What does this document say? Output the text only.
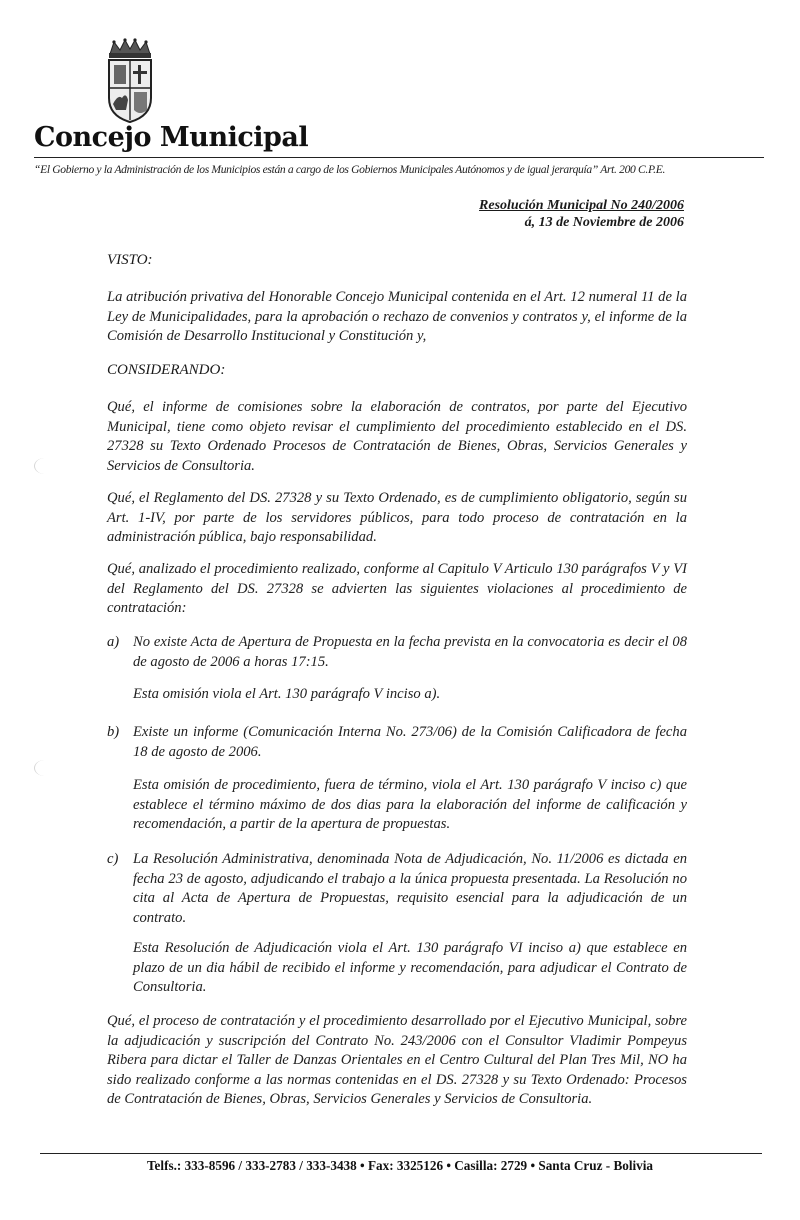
Concejo Municipal
“El Gobierno y la Administración de los Municipios están a cargo de los Gobiernos Municipales Autónomos y de igual jerarquía” Art. 200 C.P.E.
Resolución Municipal No 240/2006
á, 13 de Noviembre de 2006
VISTO:
La atribución privativa del Honorable Concejo Municipal contenida en el Art. 12 numeral 11 de la Ley de Municipalidades, para la aprobación o rechazo de convenios y contratos y, el informe de la Comisión de Desarrollo Institucional y Constitución y,
CONSIDERANDO:
Qué, el informe de comisiones sobre la elaboración de contratos, por parte del Ejecutivo Municipal, tiene como objeto revisar el cumplimiento del procedimiento establecido en el DS. 27328 su Texto Ordenado Procesos de Contratación de Bienes, Obras, Servicios Generales y Servicios de Consultoria.
Qué, el Reglamento del DS. 27328 y su Texto Ordenado, es de cumplimiento obligatorio, según su Art. 1-IV, por parte de los servidores públicos, para todo proceso de contratación en la administración pública, bajo responsabilidad.
Qué, analizado el procedimiento realizado, conforme al Capitulo V Articulo 130 parágrafos V y VI del Reglamento del DS. 27328 se advierten las siguientes violaciones al procedimiento de contratación:
a) No existe Acta de Apertura de Propuesta en la fecha prevista en la convocatoria es decir el 08 de agosto de 2006 a horas 17:15.
Esta omisión viola el Art. 130 parágrafo V inciso a).
b) Existe un informe (Comunicación Interna No. 273/06) de la Comisión Calificadora de fecha 18 de agosto de 2006.
Esta omisión de procedimiento, fuera de término, viola el Art. 130 parágrafo V inciso c) que establece el término máximo de dos dias para la elaboración del informe de calificación y recomendación, a partir de la apertura de propuestas.
c) La Resolución Administrativa, denominada Nota de Adjudicación, No. 11/2006 es dictada en fecha 23 de agosto, adjudicando el trabajo a la única propuesta presentada. La Resolución no cita al Acta de Apertura de Propuestas, requisito esencial para la adjudicación de un contrato.
Esta Resolución de Adjudicación viola el Art. 130 parágrafo VI inciso a) que establece en plazo de un dia hábil de recibido el informe y recomendación, para adjudicar el Contrato de Consultoria.
Qué, el proceso de contratación y el procedimiento desarrollado por el Ejecutivo Municipal, sobre la adjudicación y suscripción del Contrato No. 243/2006 con el Consultor Vladimir Pompeyus Ribera para dictar el Taller de Danzas Orientales en el Centro Cultural del Plan Tres Mil, NO ha sido realizado conforme a las normas contenidas en el DS. 27328 y su Texto Ordenado: Procesos de Contratación de Bienes, Obras, Servicios Generales y Servicios de Consultoria.
Telfs.: 333-8596 / 333-2783 / 333-3438 • Fax: 3325126 • Casilla: 2729 • Santa Cruz - Bolivia
